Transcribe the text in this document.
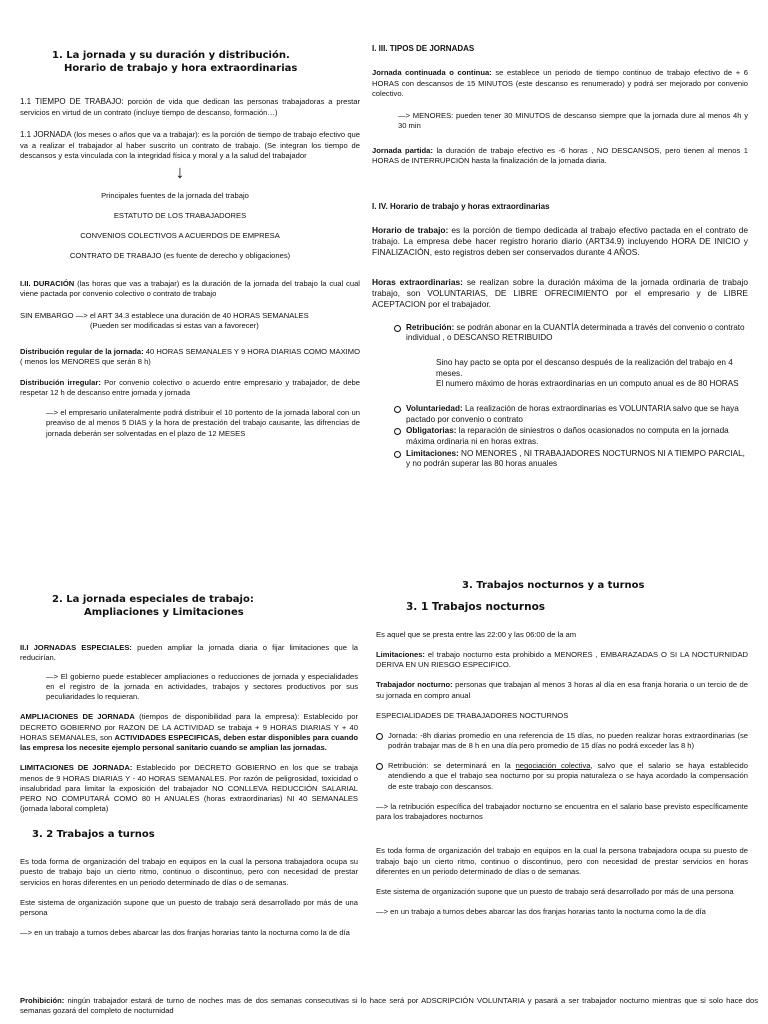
1. La jornada y su duración y distribución.
Horario de trabajo y hora extraordinarias

1.1 TIEMPO DE TRABAJO: porción de vida que dedican las personas trabajadoras a prestar servicios en virtud de un contrato (incluye tiempo de descanso, formación…)

1.1 JORNADA (los meses o años que va a trabajar): es la porción de tiempo de trabajo efectivo que va a realizar el trabajador al haber suscrito un contrato de trabajo. (Se integran los tiempo de descansos y esta vinculada con la integridad física y moral y a la salud del trabajador

↓
Principales fuentes de la jornada del trabajo
ESTATUTO DE LOS TRABAJADORES
CONVENIOS COLECTIVOS A ACUERDOS DE EMPRESA
CONTRATO DE TRABAJO (es fuente de derecho y obligaciones)

I.II. DURACIÓN (las horas que vas a trabajar) es la duración de la jornada del trabajo la cual cual viene pactada por convenio colectivo o contrato de trabajo

SIN EMBARGO —> el ART 34.3 establece una duración de 40 HORAS SEMANALES
(Pueden ser modificadas si estas van a favorecer)

Distribución regular de la jornada: 40 HORAS SEMANALES Y 9 HORA DIARIAS COMO MAXIMO ( menos los MENORES que serán 8 h)

Distribución irregular: Por convenio colectivo o acuerdo entre empresario y trabajador, de debe respetar 12 h de descanso entre jornada y jornada

—> el empresario unilateralmente podrá distribuir el 10 portento de la jornada laboral con un preaviso de al menos 5 DIAS y la hora de prestación del trabajo causante, las difrencias de jornada deberán ser solventadas en el plazo de 12 MESES

I. III. TIPOS DE JORNADAS

Jornada continuada o continua: se establece un periodo de tiempo continuo de trabajo efectivo de + 6 HORAS con descansos de 15 MINUTOS (este descanso es renumerado) y podrá ser mejorado por convenio colectivo.

—> MENORES: pueden tener 30 MINUTOS de descanso siempre que la jornada dure al menos 4h y 30 min

Jornada partida: la duración de trabajo efectivo es -6 horas , NO DESCANSOS, pero tienen al menos 1 HORAS de INTERRUPCIÓN hasta la finalización de la jornada diaria.

I. IV. Horario de trabajo y horas extraordinarias

Horario de trabajo: es la porción de tiempo dedicada al trabajo efectivo pactada en el contrato de trabajo. La empresa debe hacer registro horario diario (ART34.9) incluyendo HORA DE INICIO y FINALIZACIÓN, esto registros deben ser conservados durante 4 AÑOS.

Horas extraordinarias: se realizan sobre la duración máxima de la jornada ordinaria de trabajo trabajo, son VOLUNTARIAS, DE LIBRE OFRECIMIENTO por el empresario y de LIBRE ACEPTACION por el trabajador.

Retribución: se podrán abonar en la CUANTÍA determinada a través del convenio o contrato individual , o DESCANSO RETRIBUIDO
Sino hay pacto se opta por el descanso después de la realización del trabajo en 4 meses.
El numero máximo de horas extraordinarias en un computo anual es de 80 HORAS
Voluntariedad: La realización de horas extraordinarias es VOLUNTARIA salvo que se haya pactado por convenio o contrato
Obligatorias: la reparación de siniestros o daños ocasionados no computa en la jornada máxima ordinaria ni en horas extras.
Limitaciones: NO MENORES , NI TRABAJADORES NOCTURNOS NI A TIEMPO PARCIAL, y no podrán superar las 80 horas anuales
2. La jornada especiales de trabajo:
Ampliaciones y Limitaciones

II.I JORNADAS ESPECIALES: pueden ampliar la jornada diaria o fijar limitaciones que la reducirían.

—> El gobierno puede establecer ampliaciones o reducciones de jornada y especialidades en el registro de la jornada en actividades, trabajos y sectores productivos por sus peculiaridades lo requieran.

AMPLIACIONES DE JORNADA (tiempos de disponibilidad para la empresa): Establecido por DECRETO GOBIERNO por RAZON DE LA ACTIVIDAD se trabaja + 9 HORAS DIARIAS Y + 40 HORAS SEMANALES, son ACTIVIDADES ESPECIFICAS, deben estar disponibles para cuando las empresa los necesite ejemplo personal sanitario cuando se amplian las jornadas.

LIMITACIONES DE JORNADA: Establecido por DECRETO GOBIERNO en los que se trabaja menos de 9 HORAS DIARIAS Y - 40 HORAS SEMANALES. Por razón de peligrosidad, toxicidad o insalubridad para limitar la exposición del trabajador NO CONLLEVA REDUCCIÓN SALARIAL PERO NO COMPUTARÁ COMO 80 H ANUALES (horas extraordinarias) NI 40 SEMANALES (jornada laboral completa)

3. 2 Trabajos a turnos

Es toda forma de organización del trabajo en equipos en la cual la persona trabajadora ocupa su puesto de trabajo bajo un cierto ritmo, continuo o discontinuo, pero con necesidad de prestar servicios en horas diferentes en un periodo determinado de días o de semanas.

Este sistema de organización supone que un puesto de trabajo será desarrollado por más de una persona

—> en un trabajo a turnos debes abarcar las dos franjas horarias tanto la nocturna como la de día

3. Trabajos nocturnos y a turnos
3. 1 Trabajos nocturnos

Es aquel que se presta entre las 22:00 y las 06:00 de la am

Limitaciones: el trabajo nocturno esta prohibido a MENORES , EMBARAZADAS O SI LA NOCTURNIDAD DERIVA EN UN RIESGO ESPECIFICO.

Trabajador nocturno: personas que trabajan al menos 3 horas al día en esa franja horaria o un tercio de de su jornada en compro anual

ESPECIALIDADES DE TRABAJADORES NOCTURNOS
Jornada: -8h diarias promedio en una referencia de 15 días, no pueden realizar horas extraordinarias (se podrán trabajar mas de 8 h en una día pero promedio de 15 días no podrá exceder las 8 h)
Retribución: se determinará en la negociación colectiva, salvo que el salario se haya establecido atendiendo a que el trabajo sea nocturno por su propia naturaleza o se haya acordado la compensación de este trabajo con descansos.

—> la retribución específica del trabajador nocturno se encuentra en el salario base previsto específicamente para los trabajadores nocturnos

Es toda forma de organización del trabajo en equipos en la cual la persona trabajadora ocupa su puesto de trabajo bajo un cierto ritmo, continuo o discontinuo, pero con necesidad de prestar servicios en horas diferentes en un periodo determinado de días o de semanas.

Este sistema de organización supone que un puesto de trabajo será desarrollado por más de una persona

—> en un trabajo a turnos debes abarcar las dos franjas horarias tanto la nocturna como la de día

Prohibición: ningún trabajador estará de turno de noches mas de dos semanas consecutivas si lo hace será por ADSCRIPCIÓN VOLUNTARIA y pasará a ser trabajador nocturno mientras que si solo hace dos semanas gozará del completo de nocturnidad
